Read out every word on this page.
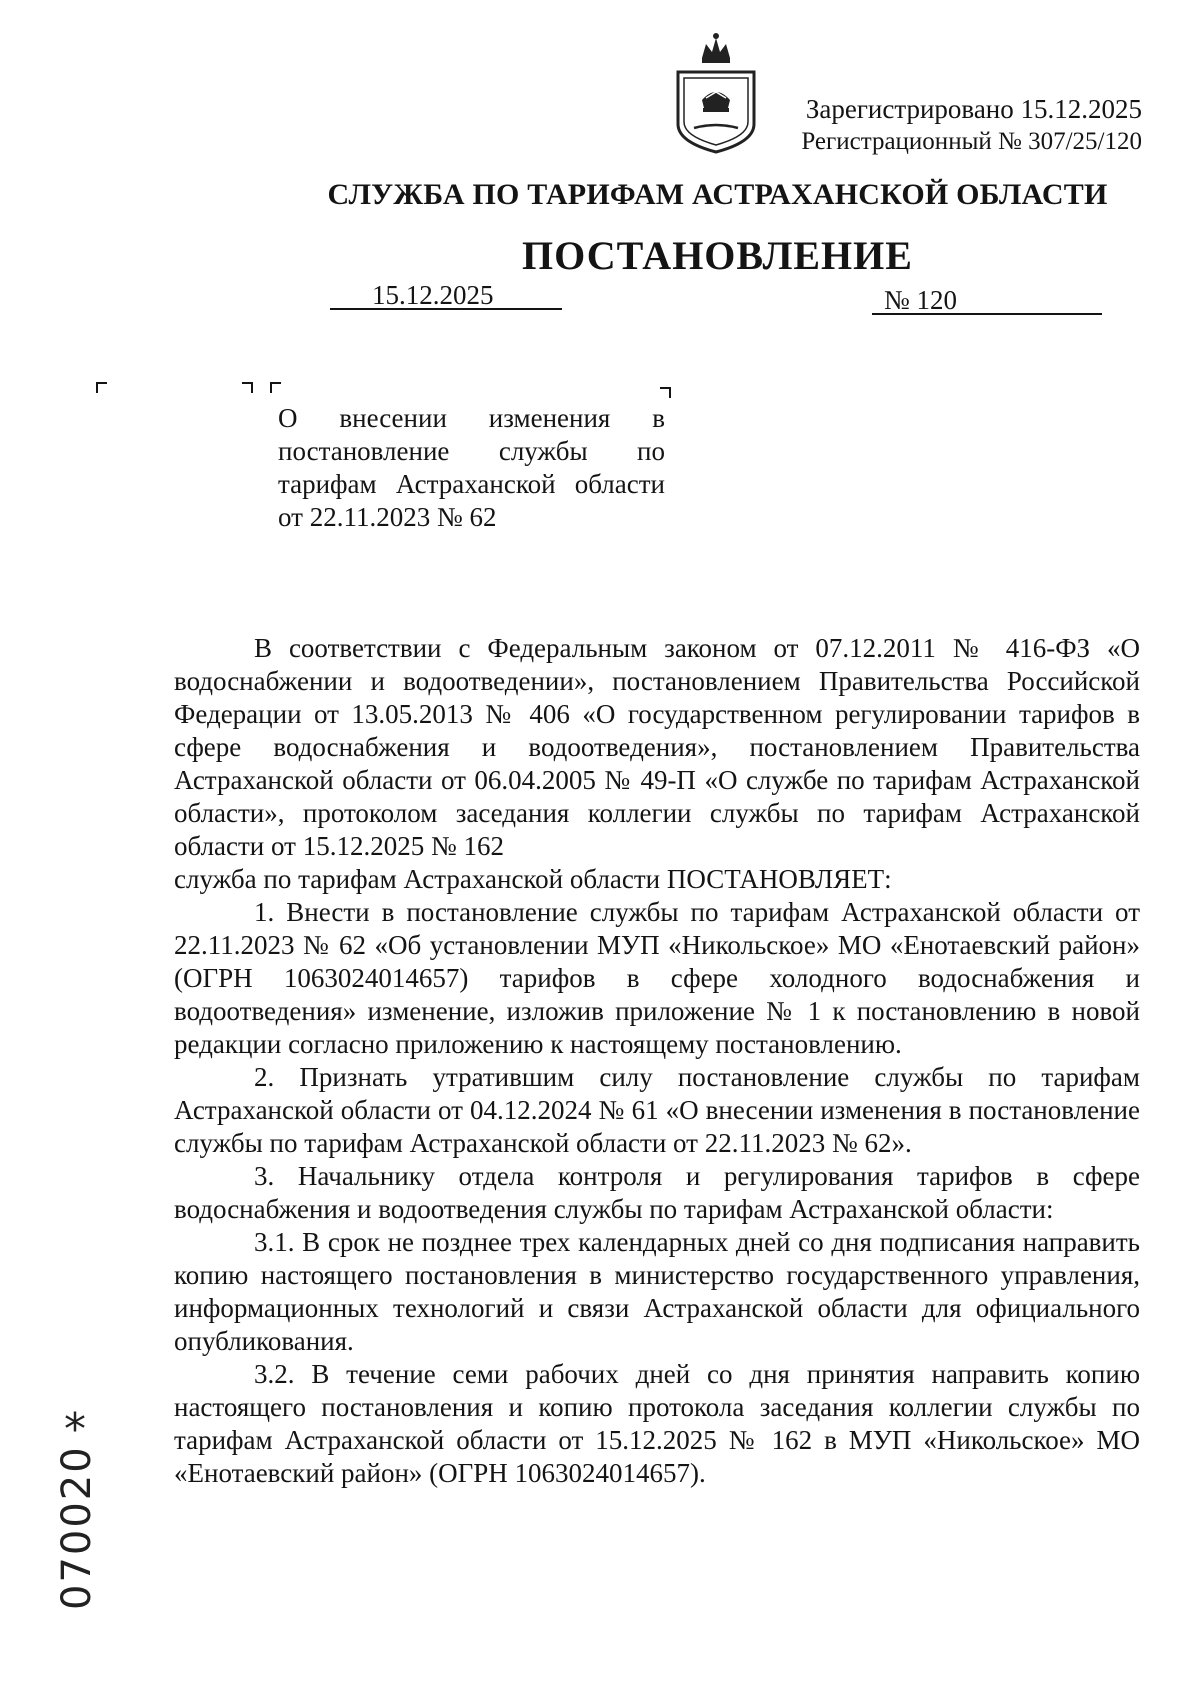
Зарегистрировано 15.12.2025
Регистрационный № 307/25/120
СЛУЖБА ПО ТАРИФАМ АСТРАХАНСКОЙ ОБЛАСТИ
ПОСТАНОВЛЕНИЕ
15.12.2025	№ 120
О внесении изменения в постановление службы по тарифам Астраханской области от 22.11.2023 № 62

В соответствии с Федеральным законом от 07.12.2011 № 416-ФЗ «О водоснабжении и водоотведении», постановлением Правительства Российской Федерации от 13.05.2013 № 406 «О государственном регулировании тарифов в сфере водоснабжения и водоотведения», постановлением Правительства Астраханской области от 06.04.2005 № 49-П «О службе по тарифам Астраханской области», протоколом заседания коллегии службы по тарифам Астраханской области от 15.12.2025 № 162

служба по тарифам Астраханской области ПОСТАНОВЛЯЕТ:

1. Внести в постановление службы по тарифам Астраханской области от 22.11.2023 № 62 «Об установлении МУП «Никольское» МО «Енотаевский район» (ОГРН 1063024014657) тарифов в сфере холодного водоснабжения и водоотведения» изменение, изложив приложение № 1 к постановлению в новой редакции согласно приложению к настоящему постановлению.

2. Признать утратившим силу постановление службы по тарифам Астраханской области от 04.12.2024 № 61 «О внесении изменения в постановление службы по тарифам Астраханской области от 22.11.2023 № 62».

3. Начальнику отдела контроля и регулирования тарифов в сфере водоснабжения и водоотведения службы по тарифам Астраханской области:

3.1. В срок не позднее трех календарных дней со дня подписания направить копию настоящего постановления в министерство государственного управления, информационных технологий и связи Астраханской области для официального опубликования.

3.2. В течение семи рабочих дней со дня принятия направить копию настоящего постановления и копию протокола заседания коллегии службы по тарифам Астраханской области от 15.12.2025 № 162 в МУП «Никольское» МО «Енотаевский район» (ОГРН 1063024014657).

*
070020
